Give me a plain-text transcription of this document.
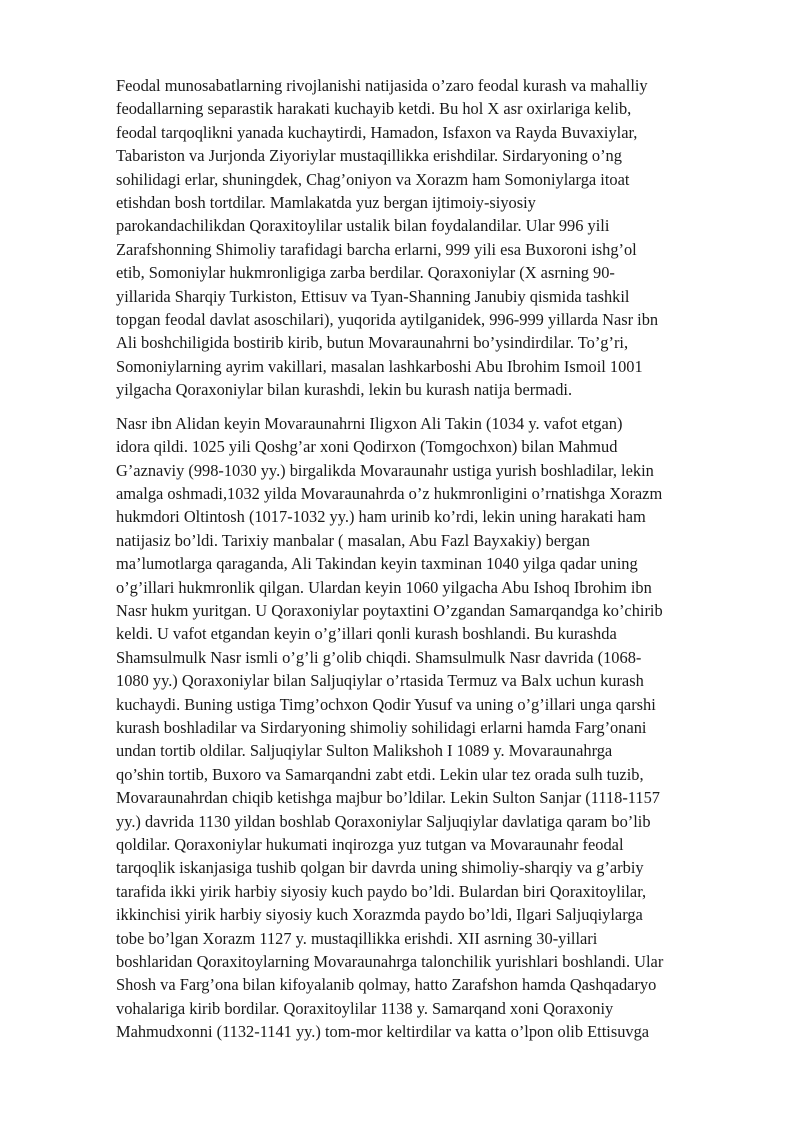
Feodal munosabatlarning rivojlanishi natijasida o’zaro feodal kurash va mahalliy
feodallarning separastik harakati kuchayib ketdi. Bu hol X asr oxirlariga kelib,
feodal tarqoqlikni yanada kuchaytirdi, Hamadon, Isfaxon va Rayda Buvaxiylar,
Tabariston va Jurjonda Ziyoriylar mustaqillikka erishdilar. Sirdaryoning o’ng
sohilidagi erlar, shuningdek, Chag’oniyon va Xorazm ham Somoniylarga itoat
etishdan bosh tortdilar. Mamlakatda yuz bergan ijtimoiy-siyosiy
parokandachilikdan Qoraxitoylilar ustalik bilan foydalandilar. Ular 996 yili
Zarafshonning Shimoliy tarafidagi barcha erlarni, 999 yili esa Buxoroni ishg’ol
etib, Somoniylar hukmronligiga zarba berdilar. Qoraxoniylar (X asrning 90-
yillarida Sharqiy Turkiston, Ettisuv va Tyan-Shanning Janubiy qismida tashkil
topgan feodal davlat asoschilari), yuqorida aytilganidek, 996-999 yillarda Nasr ibn
Ali boshchiligida bostirib kirib, butun Movaraunahrni bo’ysindirdilar. To’g’ri,
Somoniylarning ayrim vakillari, masalan lashkarboshi Abu Ibrohim Ismoil 1001
yilgacha Qoraxoniylar bilan kurashdi, lekin bu kurash natija bermadi.

Nasr ibn Alidan keyin Movaraunahrni Iligxon Ali Takin (1034 y. vafot etgan)
idora qildi. 1025 yili Qoshg’ar xoni Qodirxon (Tomgochxon) bilan Mahmud
G’aznaviy (998-1030 yy.) birgalikda Movaraunahr ustiga yurish boshladilar, lekin
amalga oshmadi,1032 yilda Movaraunahrda o’z hukmronligini o’rnatishga Xorazm
hukmdori Oltintosh (1017-1032 yy.) ham urinib ko’rdi, lekin uning harakati ham
natijasiz bo’ldi. Tarixiy manbalar ( masalan, Abu Fazl Bayxakiy) bergan
ma’lumotlarga qaraganda, Ali Takindan keyin taxminan 1040 yilga qadar uning
o’g’illari hukmronlik qilgan. Ulardan keyin 1060 yilgacha Abu Ishoq Ibrohim ibn
Nasr hukm yuritgan. U Qoraxoniylar poytaxtini O’zgandan Samarqandga ko’chirib
keldi. U vafot etgandan keyin o’g’illari qonli kurash boshlandi. Bu kurashda
Shamsulmulk Nasr ismli o’g’li g’olib chiqdi. Shamsulmulk Nasr davrida (1068-
1080 yy.) Qoraxoniylar bilan Saljuqiylar o’rtasida Termuz va Balx uchun kurash
kuchaydi. Buning ustiga Timg’ochxon Qodir Yusuf va uning o’g’illari unga qarshi
kurash boshladilar va Sirdaryoning shimoliy sohilidagi erlarni hamda Farg’onani
undan tortib oldilar. Saljuqiylar Sulton Malikshoh I 1089 y. Movaraunahrga
qo’shin tortib, Buxoro va Samarqandni zabt etdi. Lekin ular tez orada sulh tuzib,
Movaraunahrdan chiqib ketishga majbur bo’ldilar. Lekin Sulton Sanjar (1118-1157
yy.) davrida 1130 yildan boshlab Qoraxoniylar Saljuqiylar davlatiga qaram bo’lib
qoldilar. Qoraxoniylar hukumati inqirozga yuz tutgan va Movaraunahr feodal
tarqoqlik iskanjasiga tushib qolgan bir davrda uning shimoliy-sharqiy va g’arbiy
tarafida ikki yirik harbiy siyosiy kuch paydo bo’ldi. Bulardan biri Qoraxitoylilar,
ikkinchisi yirik harbiy siyosiy kuch Xorazmda paydo bo’ldi, Ilgari Saljuqiylarga
tobe bo’lgan Xorazm 1127 y. mustaqillikka erishdi. XII asrning 30-yillari
boshlaridan Qoraxitoylarning Movaraunahrga talonchilik yurishlari boshlandi. Ular
Shosh va Farg’ona bilan kifoyalanib qolmay, hatto Zarafshon hamda Qashqadaryo
vohalariga kirib bordilar. Qoraxitoylilar 1138 y. Samarqand xoni Qoraxoniy
Mahmudxonni (1132-1141 yy.) tom-mor keltirdilar va katta o’lpon olib Ettisuvga
